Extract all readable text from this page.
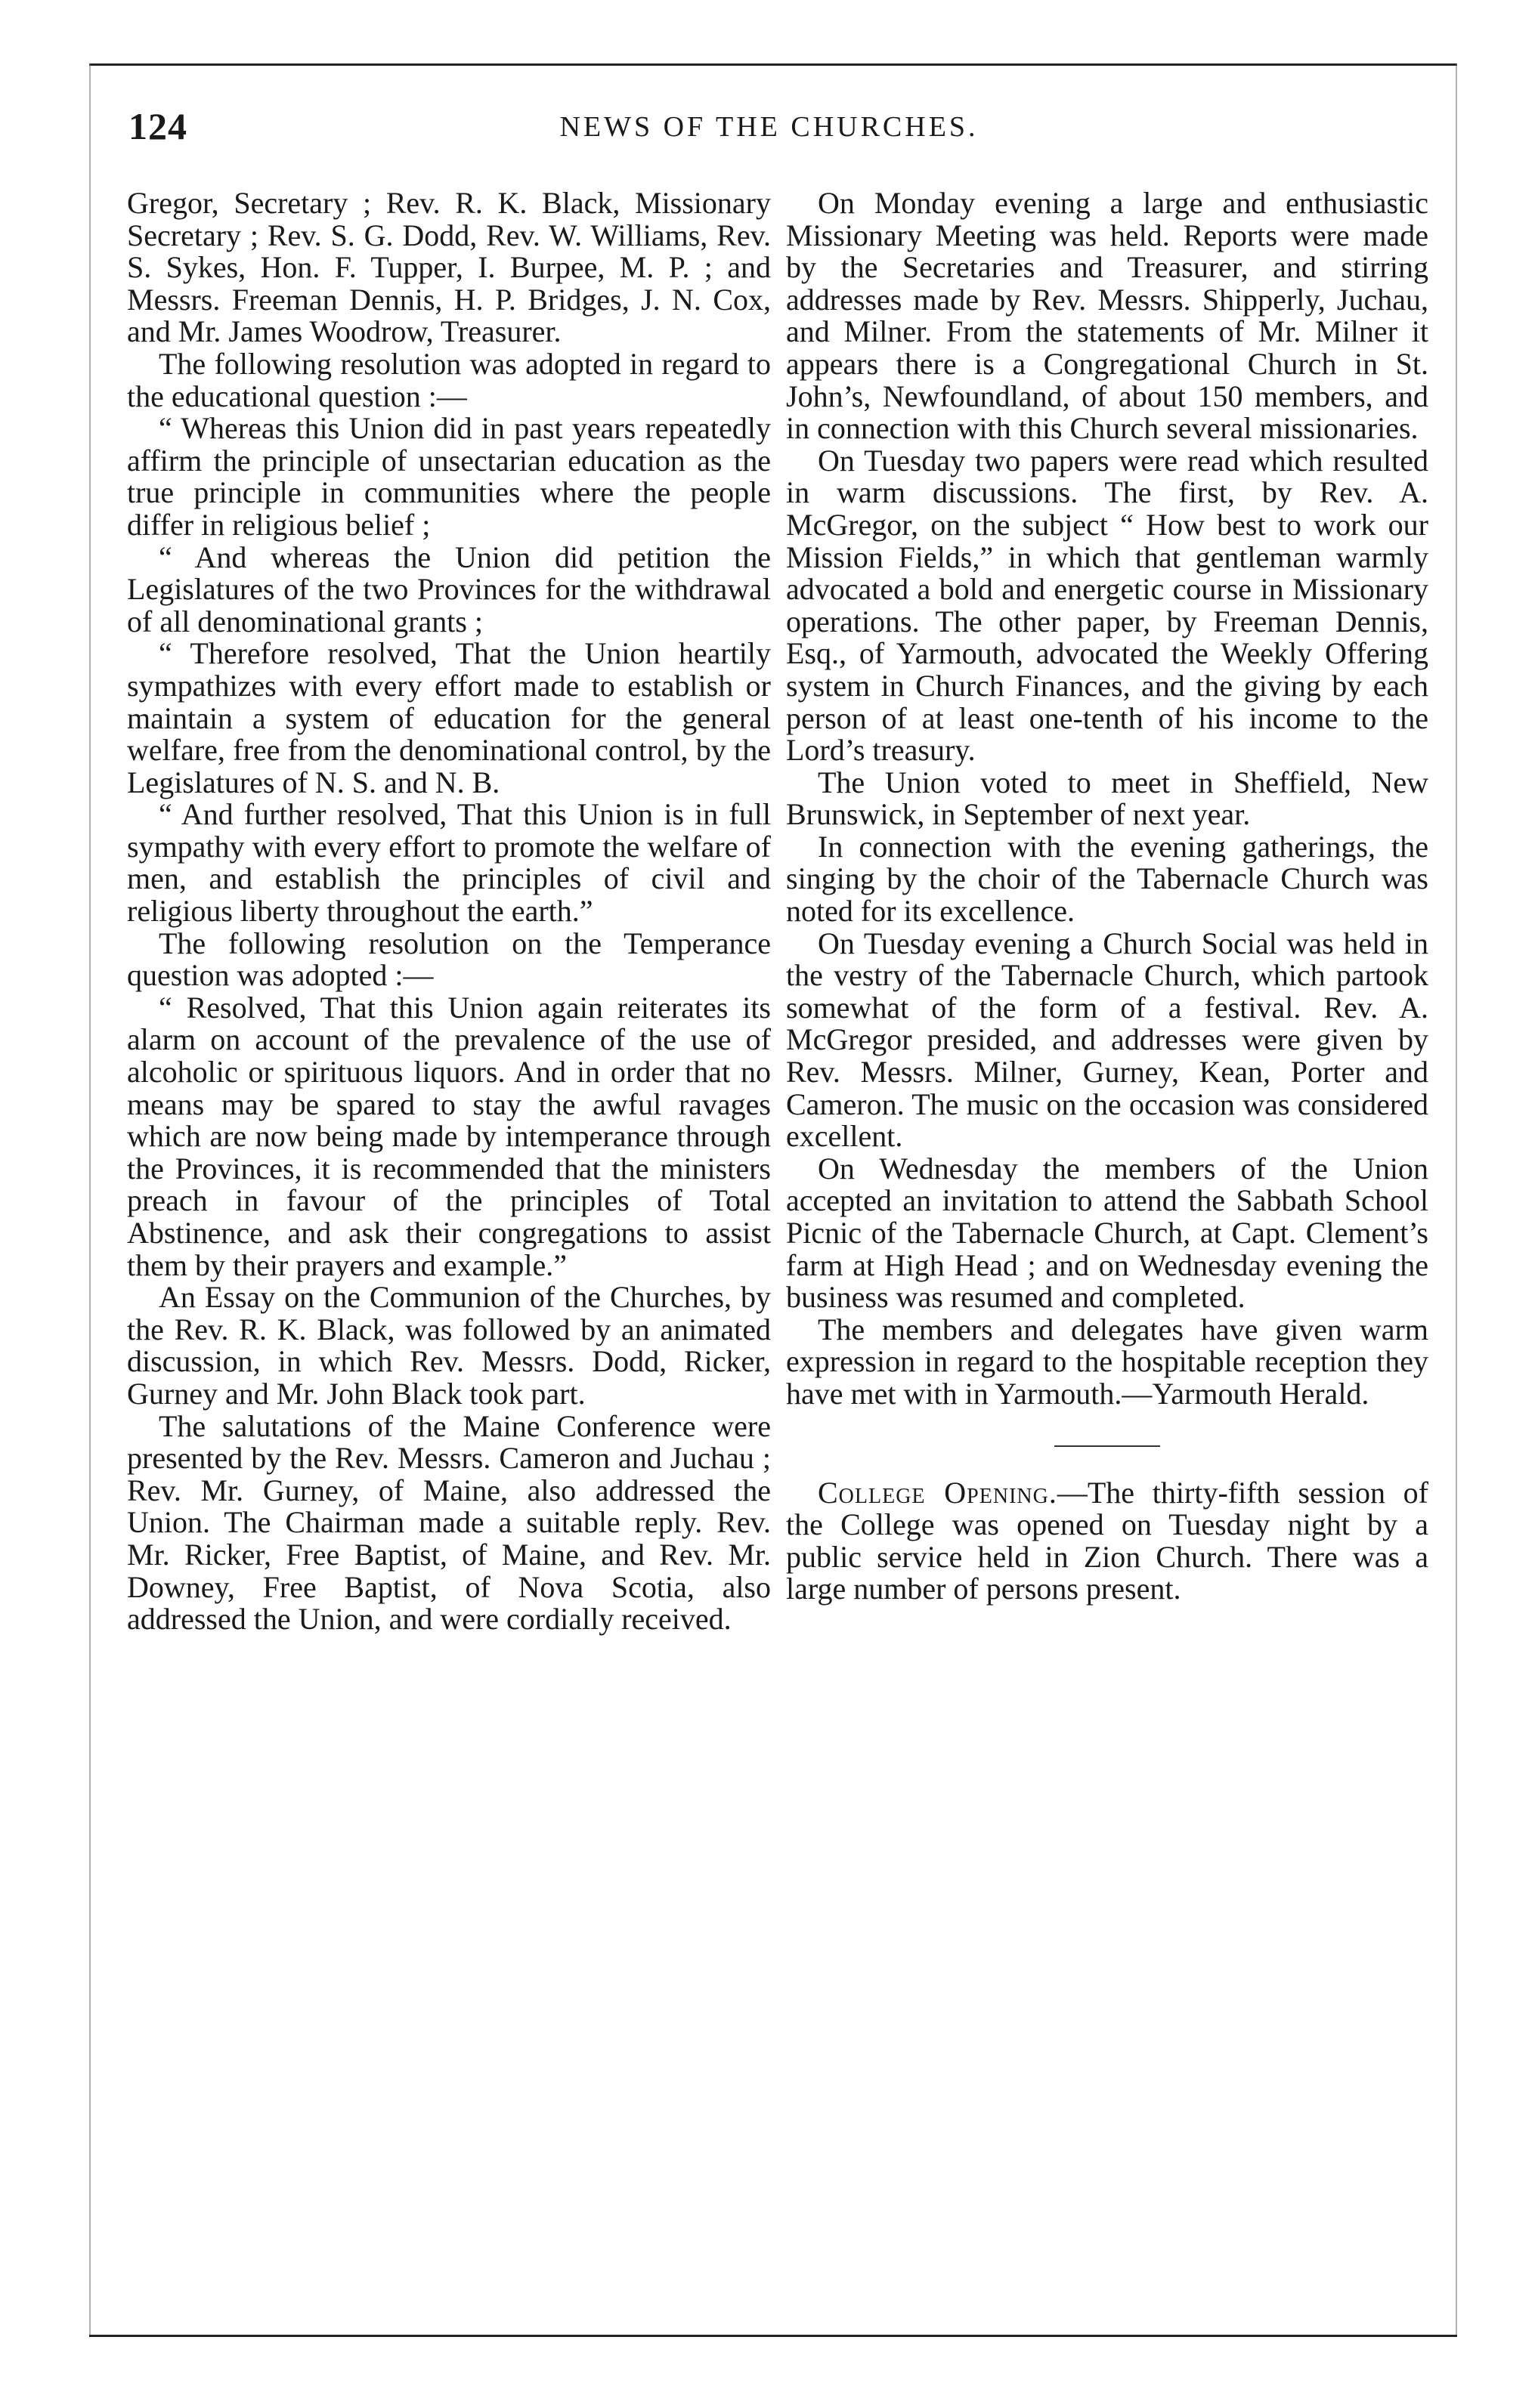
124	NEWS OF THE CHURCHES.

Gregor, Secretary ; Rev. R. K. Black, Missionary Secretary ; Rev. S. G. Dodd, Rev. W. Williams, Rev. S. Sykes, Hon. F. Tupper, I. Burpee, M. P. ; and Messrs. Freeman Dennis, H. P. Bridges, J. N. Cox, and Mr. James Woodrow, Treasurer.

The following resolution was adopted in regard to the educational question :—

“ Whereas this Union did in past years repeatedly affirm the principle of unsectarian education as the true principle in communities where the people differ in religious belief ;

“ And whereas the Union did petition the Legislatures of the two Provinces for the withdrawal of all denominational grants ;

“ Therefore resolved, That the Union heartily sympathizes with every effort made to establish or maintain a system of education for the general welfare, free from the denominational control, by the Legislatures of N. S. and N. B.

“ And further resolved, That this Union is in full sympathy with every effort to promote the welfare of men, and establish the principles of civil and religious liberty throughout the earth.”

The following resolution on the Temperance question was adopted :—

“ Resolved, That this Union again reiterates its alarm on account of the prevalence of the use of alcoholic or spirituous liquors. And in order that no means may be spared to stay the awful ravages which are now being made by intemperance through the Provinces, it is recommended that the ministers preach in favour of the principles of Total Abstinence, and ask their congregations to assist them by their prayers and example.”

An Essay on the Communion of the Churches, by the Rev. R. K. Black, was followed by an animated discussion, in which Rev. Messrs. Dodd, Ricker, Gurney and Mr. John Black took part.

The salutations of the Maine Conference were presented by the Rev. Messrs. Cameron and Juchau ; Rev. Mr. Gurney, of Maine, also addressed the Union. The Chairman made a suitable reply. Rev. Mr. Ricker, Free Baptist, of Maine, and Rev. Mr. Downey, Free Baptist, of Nova Scotia, also addressed the Union, and were cordially received.

On Monday evening a large and enthusiastic Missionary Meeting was held. Reports were made by the Secretaries and Treasurer, and stirring addresses made by Rev. Messrs. Shipperly, Juchau, and Milner. From the statements of Mr. Milner it appears there is a Congregational Church in St. John’s, Newfoundland, of about 150 members, and in connection with this Church several missionaries.

On Tuesday two papers were read which resulted in warm discussions. The first, by Rev. A. McGregor, on the subject “ How best to work our Mission Fields,” in which that gentleman warmly advocated a bold and energetic course in Missionary operations. The other paper, by Freeman Dennis, Esq., of Yarmouth, advocated the Weekly Offering system in Church Finances, and the giving by each person of at least one-tenth of his income to the Lord’s treasury.

The Union voted to meet in Sheffield, New Brunswick, in September of next year.

In connection with the evening gatherings, the singing by the choir of the Tabernacle Church was noted for its excellence.

On Tuesday evening a Church Social was held in the vestry of the Tabernacle Church, which partook somewhat of the form of a festival. Rev. A. McGregor presided, and addresses were given by Rev. Messrs. Milner, Gurney, Kean, Porter and Cameron. The music on the occasion was considered excellent.

On Wednesday the members of the Union accepted an invitation to attend the Sabbath School Picnic of the Tabernacle Church, at Capt. Clement’s farm at High Head ; and on Wednesday evening the business was resumed and completed.

The members and delegates have given warm expression in regard to the hospitable reception they have met with in Yarmouth.—Yarmouth Herald.

College Opening.—The thirty-fifth session of the College was opened on Tuesday night by a public service held in Zion Church. There was a large number of persons present.
